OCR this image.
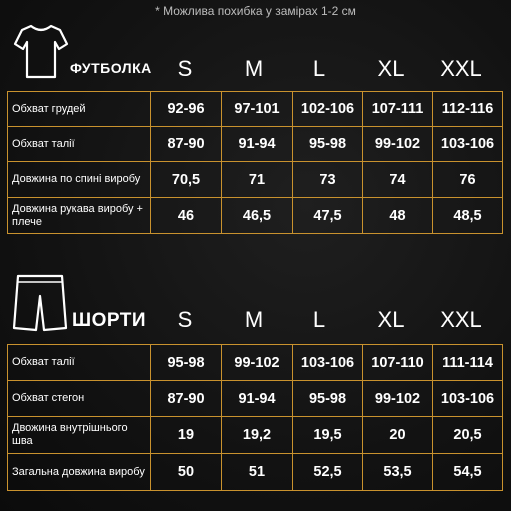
* Можлива похибка у замірах 1-2 см
ФУТБОЛКА	S	M	L	XL	XXL
Обхват грудей	92-96	97-101	102-106	107-111	112-116
Обхват талії	87-90	91-94	95-98	99-102	103-106
Довжина по спині виробу	70,5	71	73	74	76
Довжина рукава виробу + плече	46	46,5	47,5	48	48,5
ШОРТИ	S	M	L	XL	XXL
Обхват талії	95-98	99-102	103-106	107-110	111-114
Обхват стегон	87-90	91-94	95-98	99-102	103-106
Двожина внутрішнього шва	19	19,2	19,5	20	20,5
Загальна довжина виробу	50	51	52,5	53,5	54,5
